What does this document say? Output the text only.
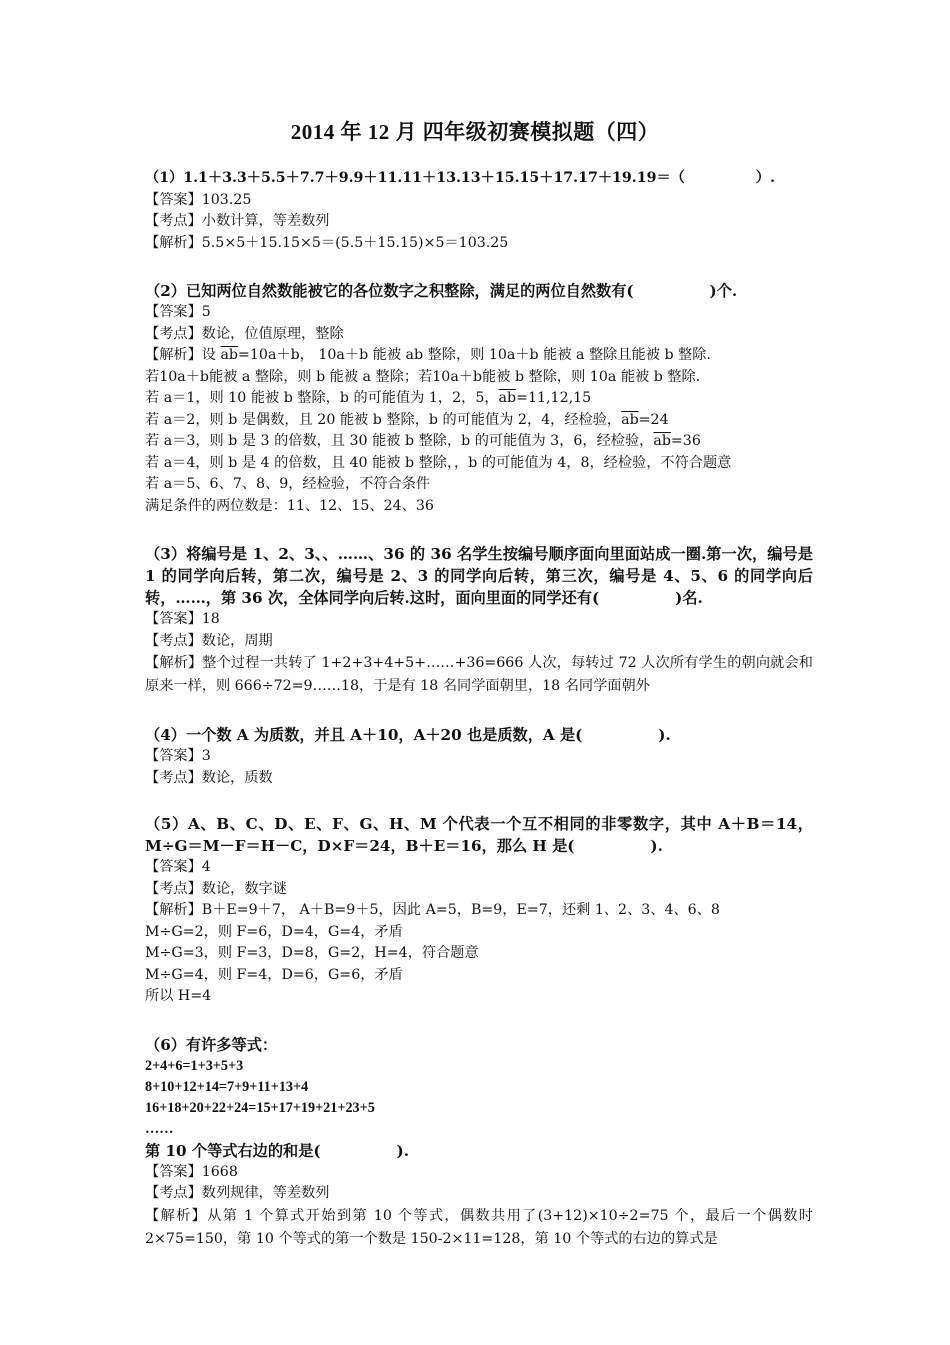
2014 年 12 月 四年级初赛模拟题（四）
（1）1.1＋3.3＋5.5＋7.7＋9.9＋11.11＋13.13＋15.15＋17.17＋19.19＝（　　　　　）.
【答案】103.25
【考点】小数计算，等差数列
【解析】5.5×5＋15.15×5＝(5.5＋15.15)×5＝103.25
（2）已知两位自然数能被它的各位数字之积整除，满足的两位自然数有(　　　　　)个.
【答案】5
【考点】数论，位值原理，整除
【解析】设 $\overline{ab}=10a+b$， 10a＋b 能被 ab 整除，则 10a＋b 能被 a 整除且能被 b 整除.
若10a＋b能被 a 整除，则 b 能被 a 整除；若10a＋b能被 b 整除，则 10a 能被 b 整除.
若 a＝1，则 10 能被 b 整除，b 的可能值为 1，2，5，$\overline{ab}=11,12,15$
若 a＝2，则 b 是偶数，且 20 能被 b 整除，b 的可能值为 2，4，经检验，$\overline{ab}=24$
若 a＝3，则 b 是 3 的倍数，且 30 能被 b 整除，b 的可能值为 3，6，经检验，$\overline{ab}=36$
若 a＝4，则 b 是 4 的倍数，且 40 能被 b 整除，，b 的可能值为 4，8，经检验，不符合题意
若 a＝5、6、7、8、9，经检验，不符合条件
满足条件的两位数是：11、12、15、24、36
（3）将编号是 1、2、3、、……、36 的 36 名学生按编号顺序面向里面站成一圈.第一次，编号是 1 的同学向后转，第二次，编号是 2、3 的同学向后转，第三次，编号是 4、5、6 的同学向后转，……，第 36 次，全体同学向后转.这时，面向里面的同学还有(　　　　　)名.
【答案】18
【考点】数论，周期
【解析】整个过程一共转了 1+2+3+4+5+……+36=666 人次，每转过 72 人次所有学生的朝向就会和原来一样，则 666÷72=9……18，于是有 18 名同学面朝里，18 名同学面朝外
（4）一个数 A 为质数，并且 A＋10，A＋20 也是质数，A 是(　　　　　).
【答案】3
【考点】数论，质数
（5）A、B、C、D、E、F、G、H、M 个代表一个互不相同的非零数字，其中 A＋B＝14，M÷G＝M－F＝H－C，D×F＝24，B＋E＝16，那么 H 是(　　　　　).
【答案】4
【考点】数论，数字谜
【解析】B＋E=9＋7， A＋B=9＋5，因此 A=5，B=9，E=7，还剩 1、2、3、4、6、8
M÷G=2，则 F=6，D=4，G=4，矛盾
M÷G=3，则 F=3，D=8，G=2，H=4，符合题意
M÷G=4，则 F=4，D=6，G=6，矛盾
所以 H=4
（6）有许多等式：
2+4+6=1+3+5+3
8+10+12+14=7+9+11+13+4
16+18+20+22+24=15+17+19+21+23+5
……
第 10 个等式右边的和是(　　　　　).
【答案】1668
【考点】数列规律，等差数列
【解析】从第 1 个算式开始到第 10 个等式，偶数共用了(3+12)×10÷2=75 个，最后一个偶数时 2×75=150，第 10 个等式的第一个数是 150-2×11=128，第 10 个等式的右边的算式是
